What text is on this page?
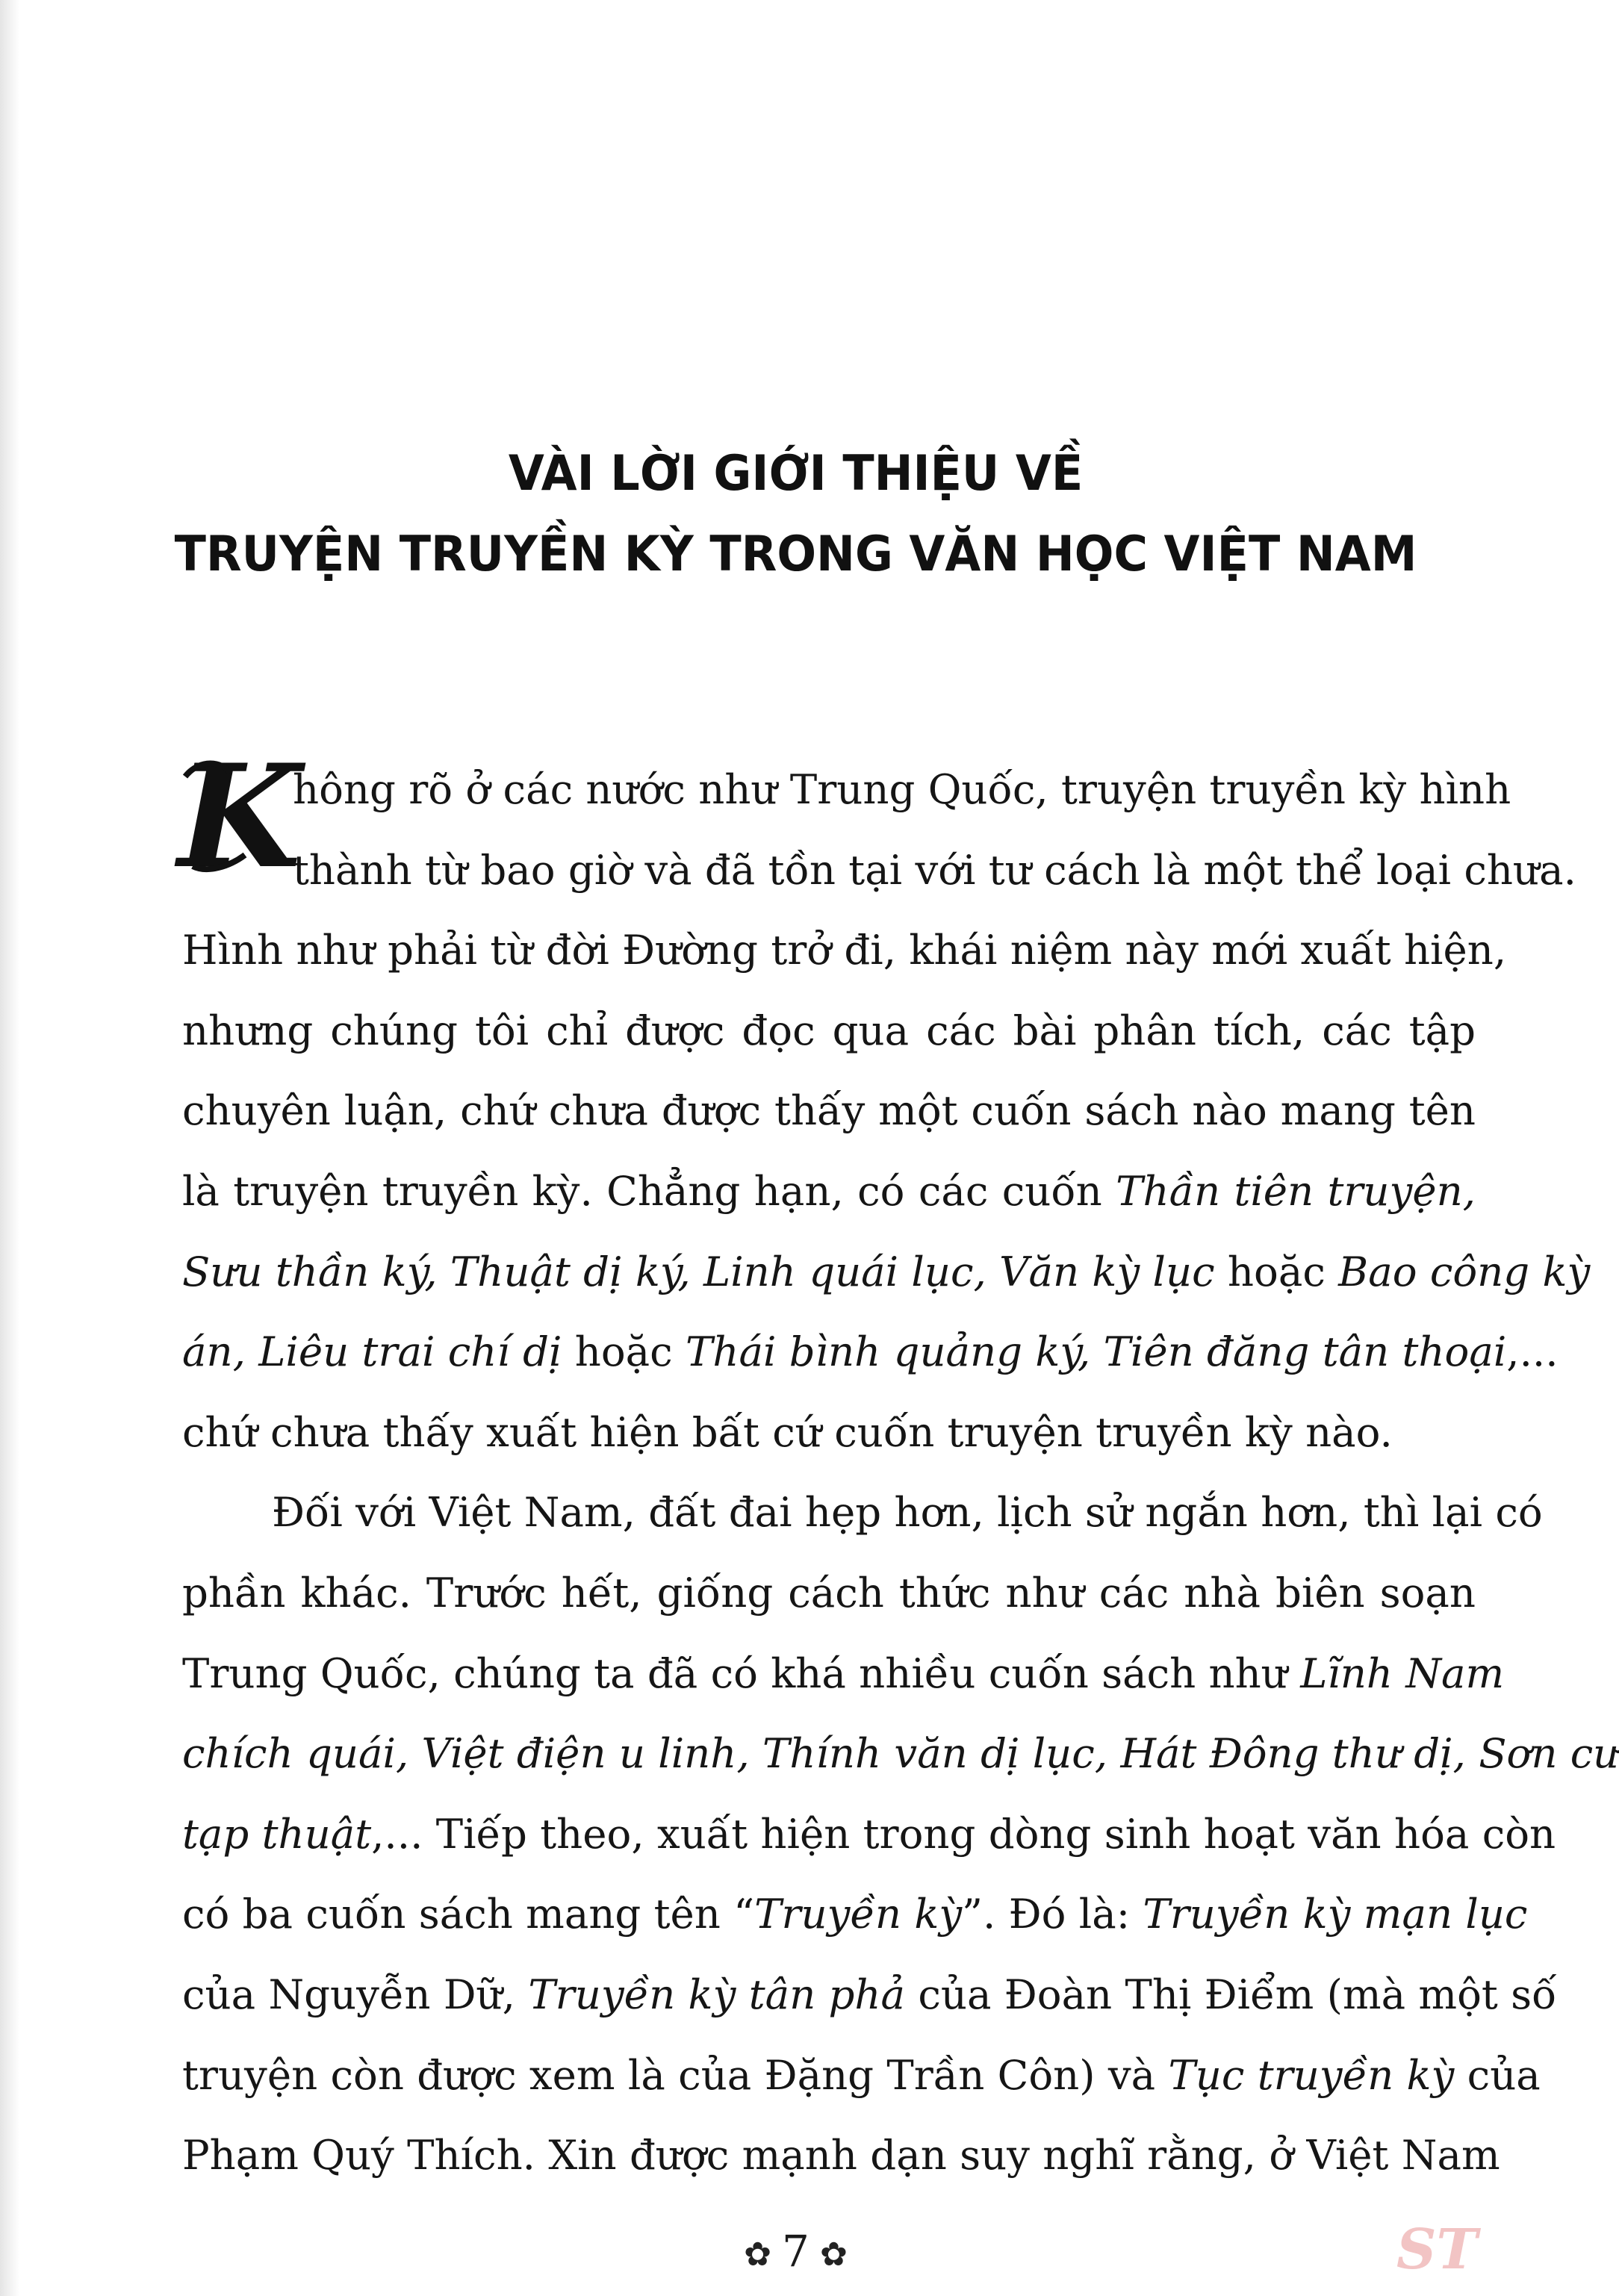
VÀI LỜI GIỚI THIỆU VỀ
TRUYỆN TRUYỀN KỲ TRONG VĂN HỌC VIỆT NAM
K
hông rõ ở các nước như Trung Quốc, truyện truyền kỳ hình
thành từ bao giờ và đã tồn tại với tư cách là một thể loại chưa.
Hình như phải từ đời Đường trở đi, khái niệm này mới xuất hiện,
nhưng chúng tôi chỉ được đọc qua các bài phân tích, các tập
chuyên luận, chứ chưa được thấy một cuốn sách nào mang tên
là truyện truyền kỳ. Chẳng hạn, có các cuốn Thần tiên truyện,
Sưu thần ký, Thuật dị ký, Linh quái lục, Văn kỳ lục hoặc Bao công kỳ
án, Liêu trai chí dị hoặc Thái bình quảng ký, Tiên đăng tân thoại,...
chứ chưa thấy xuất hiện bất cứ cuốn truyện truyền kỳ nào.
Đối với Việt Nam, đất đai hẹp hơn, lịch sử ngắn hơn, thì lại có
phần khác. Trước hết, giống cách thức như các nhà biên soạn
Trung Quốc, chúng ta đã có khá nhiều cuốn sách như Lĩnh Nam
chích quái, Việt điện u linh, Thính văn dị lục, Hát Đông thư dị, Sơn cư
tạp thuật,... Tiếp theo, xuất hiện trong dòng sinh hoạt văn hóa còn
có ba cuốn sách mang tên “Truyền kỳ”. Đó là: Truyền kỳ mạn lục
của Nguyễn Dữ, Truyền kỳ tân phả của Đoàn Thị Điểm (mà một số
truyện còn được xem là của Đặng Trần Côn) và Tục truyền kỳ của
Phạm Quý Thích. Xin được mạnh dạn suy nghĩ rằng, ở Việt Nam
✿ 7 ✿	ST
